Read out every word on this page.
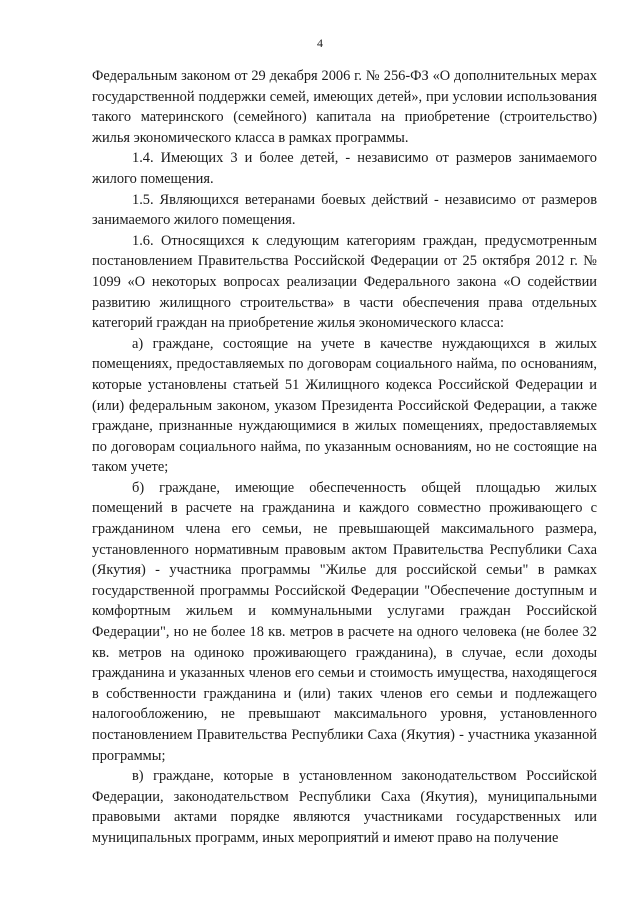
4

Федеральным законом от 29 декабря 2006 г. № 256-ФЗ «О дополнительных мерах государственной поддержки семей, имеющих детей», при условии использования такого материнского (семейного) капитала на приобретение (строительство) жилья экономического класса в рамках программы.

1.4. Имеющих 3 и более детей, - независимо от размеров занимаемого жилого помещения.

1.5. Являющихся ветеранами боевых действий - независимо от размеров занимаемого жилого помещения.

1.6. Относящихся к следующим категориям граждан, предусмотренным постановлением Правительства Российской Федерации от 25 октября 2012 г. № 1099 «О некоторых вопросах реализации Федерального закона «О содействии развитию жилищного строительства» в части обеспечения права отдельных категорий граждан на приобретение жилья экономического класса:

а) граждане, состоящие на учете в качестве нуждающихся в жилых помещениях, предоставляемых по договорам социального найма, по основаниям, которые установлены статьей 51 Жилищного кодекса Российской Федерации и (или) федеральным законом, указом Президента Российской Федерации, а также граждане, признанные нуждающимися в жилых помещениях, предоставляемых по договорам социального найма, по указанным основаниям, но не состоящие на таком учете;

б) граждане, имеющие обеспеченность общей площадью жилых помещений в расчете на гражданина и каждого совместно проживающего с гражданином члена его семьи, не превышающей максимального размера, установленного нормативным правовым актом Правительства Республики Саха (Якутия) - участника программы "Жилье для российской семьи" в рамках государственной программы Российской Федерации "Обеспечение доступным и комфортным жильем и коммунальными услугами граждан Российской Федерации", но не более 18 кв. метров в расчете на одного человека (не более 32 кв. метров на одиноко проживающего гражданина), в случае, если доходы гражданина и указанных членов его семьи и стоимость имущества, находящегося в собственности гражданина и (или) таких членов его семьи и подлежащего налогообложению, не превышают максимального уровня, установленного постановлением Правительства Республики Саха (Якутия) - участника указанной программы;

в) граждане, которые в установленном законодательством Российской Федерации, законодательством Республики Саха (Якутия), муниципальными правовыми актами порядке являются участниками государственных или муниципальных программ, иных мероприятий и имеют право на получение
